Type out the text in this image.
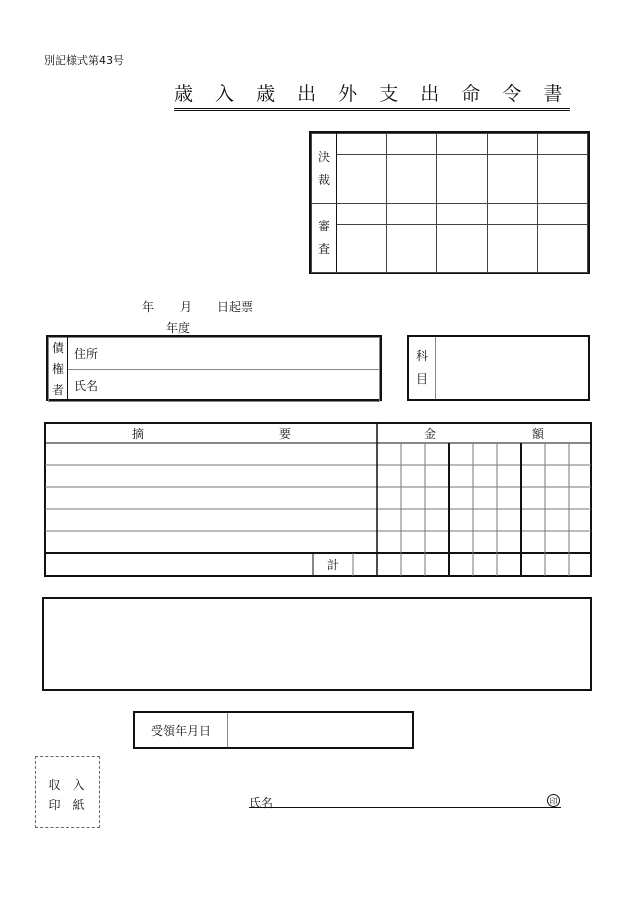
別記様式第43号
歳 入 歳 出 外 支 出 命 令 書
決
裁					

審
査					

年 月 日起票
年度
債
権
者	住所
氏名
科
目
摘	要	金	額
計
受領年月日
収入
印紙	氏名	印
